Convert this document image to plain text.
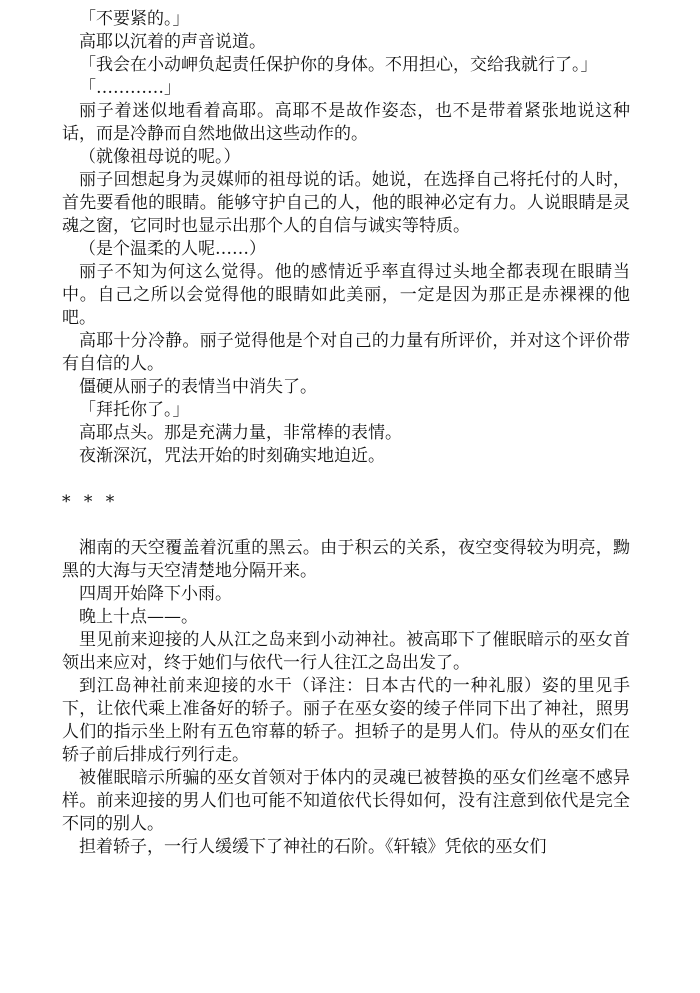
「不要紧的。」

高耶以沉着的声音说道。

「我会在小动岬负起责任保护你的身体。不用担心，交给我就行了。」

「…………」

丽子着迷似地看着高耶。高耶不是故作姿态，也不是带着紧张地说这种话，而是冷静而自然地做出这些动作的。

（就像祖母说的呢。）

丽子回想起身为灵媒师的祖母说的话。她说，在选择自己将托付的人时，首先要看他的眼睛。能够守护自己的人，他的眼神必定有力。人说眼睛是灵魂之窗，它同时也显示出那个人的自信与诚实等特质。

（是个温柔的人呢……）

丽子不知为何这么觉得。他的感情近乎率直得过头地全都表现在眼睛当中。自己之所以会觉得他的眼睛如此美丽，一定是因为那正是赤裸裸的他吧。

高耶十分冷静。丽子觉得他是个对自己的力量有所评价，并对这个评价带有自信的人。

僵硬从丽子的表情当中消失了。

「拜托你了。」

高耶点头。那是充满力量，非常棒的表情。

夜渐深沉，咒法开始的时刻确实地迫近。

* * *

湘南的天空覆盖着沉重的黑云。由于积云的关系，夜空变得较为明亮，黝黑的大海与天空清楚地分隔开来。

四周开始降下小雨。

晚上十点——。

里见前来迎接的人从江之岛来到小动神社。被高耶下了催眠暗示的巫女首领出来应对，终于她们与依代一行人往江之岛出发了。

到江岛神社前来迎接的水干（译注：日本古代的一种礼服）姿的里见手下，让依代乘上准备好的轿子。丽子在巫女姿的绫子伴同下出了神社，照男人们的指示坐上附有五色帘幕的轿子。担轿子的是男人们。侍从的巫女们在轿子前后排成行列行走。

被催眠暗示所骗的巫女首领对于体内的灵魂已被替换的巫女们丝毫不感异样。前来迎接的男人们也可能不知道依代长得如何，没有注意到依代是完全不同的别人。

担着轿子，一行人缓缓下了神社的石阶。《轩辕》凭依的巫女们
